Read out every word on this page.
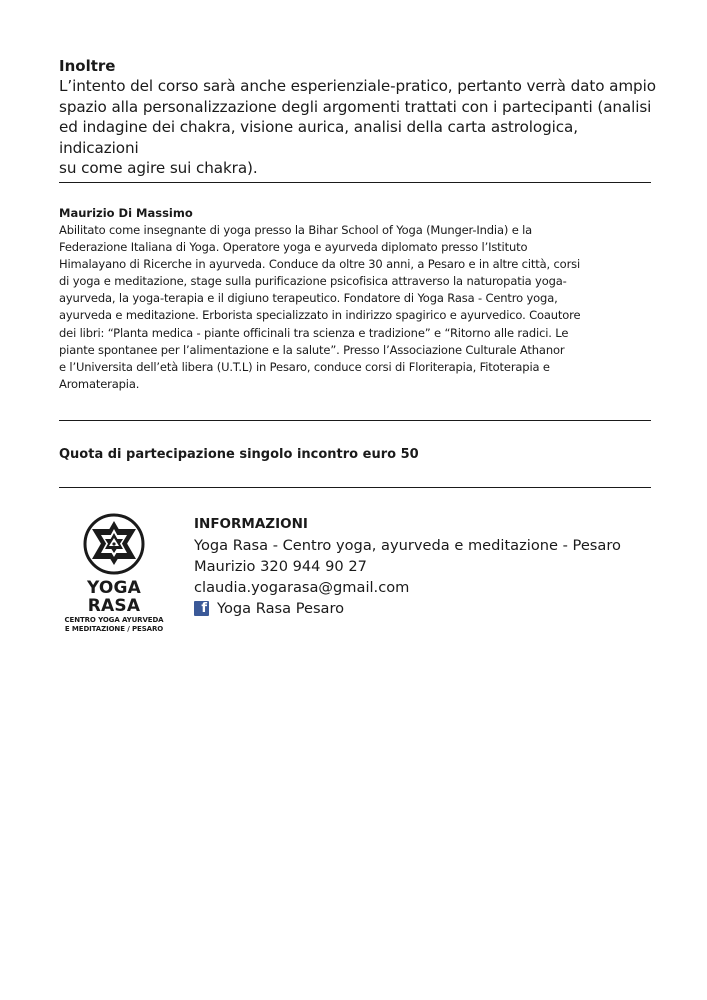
Inoltre

L’intento del corso sarà anche esperienziale-pratico, pertanto verrà dato ampio
spazio alla personalizzazione degli argomenti trattati con i partecipanti (analisi
ed indagine dei chakra, visione aurica, analisi della carta astrologica, indicazioni
su come agire sui chakra).

Maurizio Di Massimo

Abilitato come insegnante di yoga presso la Bihar School of Yoga (Munger-India) e la
Federazione Italiana di Yoga. Operatore yoga e ayurveda diplomato presso l’Istituto
Himalayano di Ricerche in ayurveda. Conduce da oltre 30 anni, a Pesaro e in altre città, corsi
di yoga e meditazione, stage sulla purificazione psicofisica attraverso la naturopatia yoga-
ayurveda, la yoga-terapia e il digiuno terapeutico. Fondatore di Yoga Rasa - Centro yoga,
ayurveda e meditazione. Erborista specializzato in indirizzo spagirico e ayurvedico. Coautore
dei libri: “Planta medica - piante officinali tra scienza e tradizione” e “Ritorno alle radici. Le
piante spontanee per l’alimentazione e la salute”. Presso l’Associazione Culturale Athanor
e l’Universita dell’età libera (U.T.L) in Pesaro, conduce corsi di Floriterapia, Fitoterapia e
Aromaterapia.

Quota di partecipazione singolo incontro euro 50

YOGA RASA

CENTRO YOGA AYURVEDA
E MEDITAZIONE / PESARO

INFORMAZIONI

Yoga Rasa - Centro yoga, ayurveda e meditazione - Pesaro

Maurizio 320 944 90 27

claudia.yogarasa@gmail.com

f Yoga Rasa Pesaro
